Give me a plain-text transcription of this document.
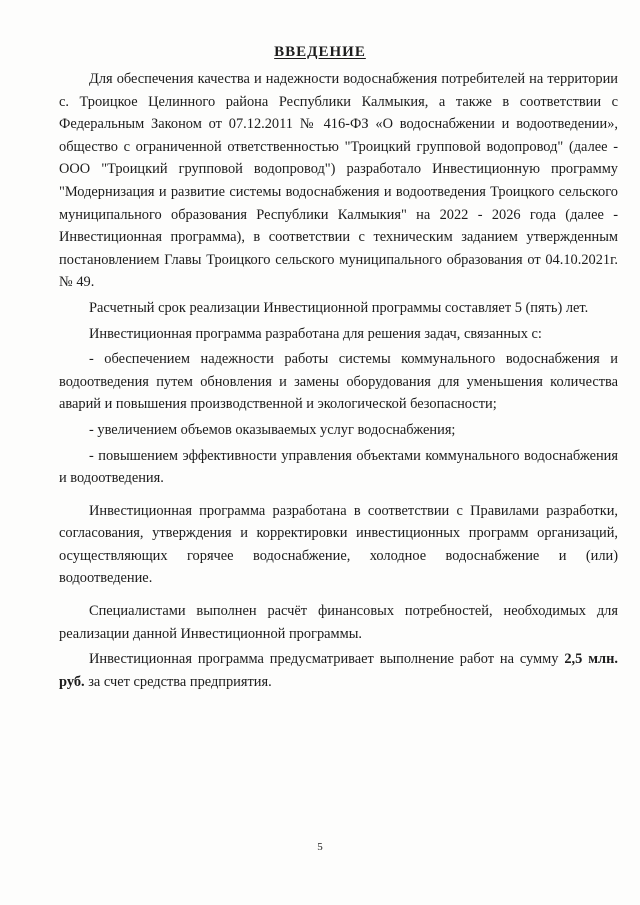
ВВЕДЕНИЕ

Для обеспечения качества и надежности водоснабжения потребителей на территории с. Троицкое Целинного района Республики Калмыкия, а также в соответствии с Федеральным Законом от 07.12.2011 № 416-ФЗ «О водоснабжении и водоотведении», общество с ограниченной ответственностью "Троицкий групповой водопровод" (далее - ООО "Троицкий групповой водопровод") разработало Инвестиционную программу "Модернизация и развитие системы водоснабжения и водоотведения Троицкого сельского муниципального образования Республики Калмыкия" на 2022 - 2026 года (далее - Инвестиционная программа), в соответствии с техническим заданием утвержденным постановлением Главы Троицкого сельского муниципального образования от 04.10.2021г. № 49.

Расчетный срок реализации Инвестиционной программы составляет 5 (пять) лет.

Инвестиционная программа разработана для решения задач, связанных с:

- обеспечением надежности работы системы коммунального водоснабжения и водоотведения путем обновления и замены оборудования для уменьшения количества аварий и повышения производственной и экологической безопасности;

- увеличением объемов оказываемых услуг водоснабжения;

- повышением эффективности управления объектами коммунального водоснабжения и водоотведения.

Инвестиционная программа разработана в соответствии с Правилами разработки, согласования, утверждения и корректировки инвестиционных программ организаций, осуществляющих горячее водоснабжение, холодное водоснабжение и (или) водоотведение.

Специалистами выполнен расчёт финансовых потребностей, необходимых для реализации данной Инвестиционной программы.

Инвестиционная программа предусматривает выполнение работ на сумму 2,5 млн. руб. за счет средства предприятия.

5
